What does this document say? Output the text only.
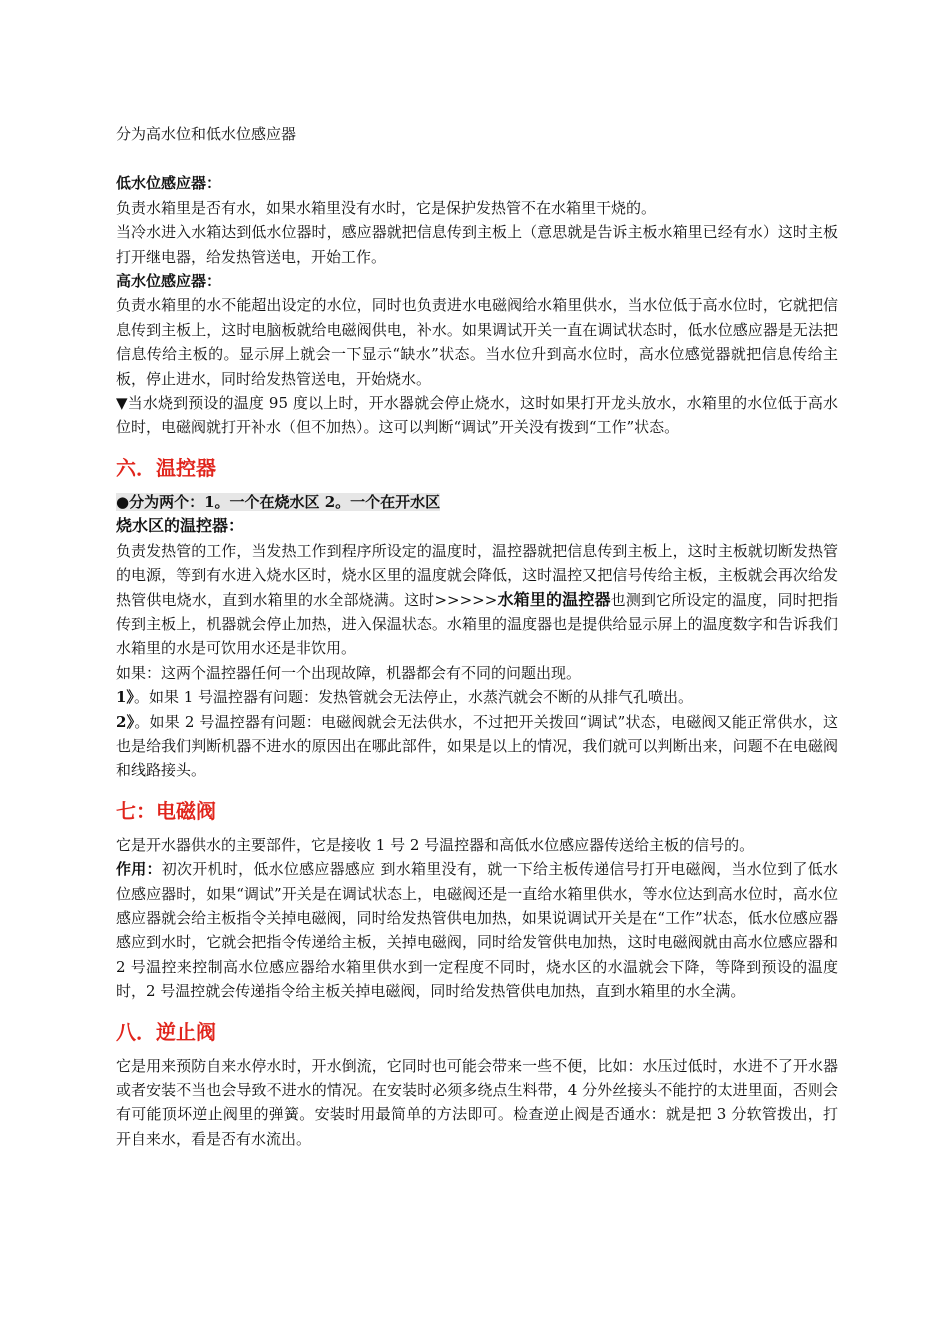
分为高水位和低水位感应器

低水位感应器：

负责水箱里是否有水，如果水箱里没有水时，它是保护发热管不在水箱里干烧的。

当冷水进入水箱达到低水位器时，感应器就把信息传到主板上（意思就是告诉主板水箱里已经有水）这时主板打开继电器，给发热管送电，开始工作。

高水位感应器：

负责水箱里的水不能超出设定的水位，同时也负责进水电磁阀给水箱里供水，当水位低于高水位时，它就把信息传到主板上，这时电脑板就给电磁阀供电，补水。如果调试开关一直在调试状态时，低水位感应器是无法把信息传给主板的。显示屏上就会一下显示“缺水”状态。当水位升到高水位时，高水位感觉器就把信息传给主板，停止进水，同时给发热管送电，开始烧水。

▼当水烧到预设的温度 95 度以上时，开水器就会停止烧水，这时如果打开龙头放水，水箱里的水位低于高水位时，电磁阀就打开补水（但不加热）。这可以判断“调试”开关没有拨到“工作”状态。

六．温控器

●分为两个：1。一个在烧水区 2。一个在开水区

烧水区的温控器：

负责发热管的工作，当发热工作到程序所设定的温度时，温控器就把信息传到主板上，这时主板就切断发热管的电源，等到有水进入烧水区时，烧水区里的温度就会降低，这时温控又把信号传给主板，主板就会再次给发热管供电烧水，直到水箱里的水全部烧满。这时>>>>>水箱里的温控器也测到它所设定的温度，同时把指传到主板上，机器就会停止加热，进入保温状态。水箱里的温度器也是提供给显示屏上的温度数字和告诉我们水箱里的水是可饮用水还是非饮用。

如果：这两个温控器任何一个出现故障，机器都会有不同的问题出现。

1》。如果 1 号温控器有问题：发热管就会无法停止，水蒸汽就会不断的从排气孔喷出。

2》。如果 2 号温控器有问题：电磁阀就会无法供水，不过把开关拨回“调试”状态，电磁阀又能正常供水，这也是给我们判断机器不进水的原因出在哪此部件，如果是以上的情况，我们就可以判断出来，问题不在电磁阀和线路接头。

七：电磁阀

它是开水器供水的主要部件，它是接收 1 号 2 号温控器和高低水位感应器传送给主板的信号的。

作用：初次开机时，低水位感应器感应 到水箱里没有，就一下给主板传递信号打开电磁阀，当水位到了低水位感应器时，如果“调试”开关是在调试状态上，电磁阀还是一直给水箱里供水，等水位达到高水位时，高水位感应器就会给主板指令关掉电磁阀，同时给发热管供电加热，如果说调试开关是在“工作”状态，低水位感应器感应到水时，它就会把指令传递给主板，关掉电磁阀，同时给发管供电加热，这时电磁阀就由高水位感应器和 2 号温控来控制高水位感应器给水箱里供水到一定程度不同时，烧水区的水温就会下降，等降到预设的温度时，2 号温控就会传递指令给主板关掉电磁阀，同时给发热管供电加热，直到水箱里的水全满。

八．逆止阀

它是用来预防自来水停水时，开水倒流，它同时也可能会带来一些不便，比如：水压过低时，水进不了开水器或者安装不当也会导致不进水的情况。在安装时必须多绕点生料带，4 分外丝接头不能拧的太进里面，否则会有可能顶坏逆止阀里的弹簧。安装时用最简单的方法即可。检查逆止阀是否通水：就是把 3 分软管拨出，打开自来水，看是否有水流出。
